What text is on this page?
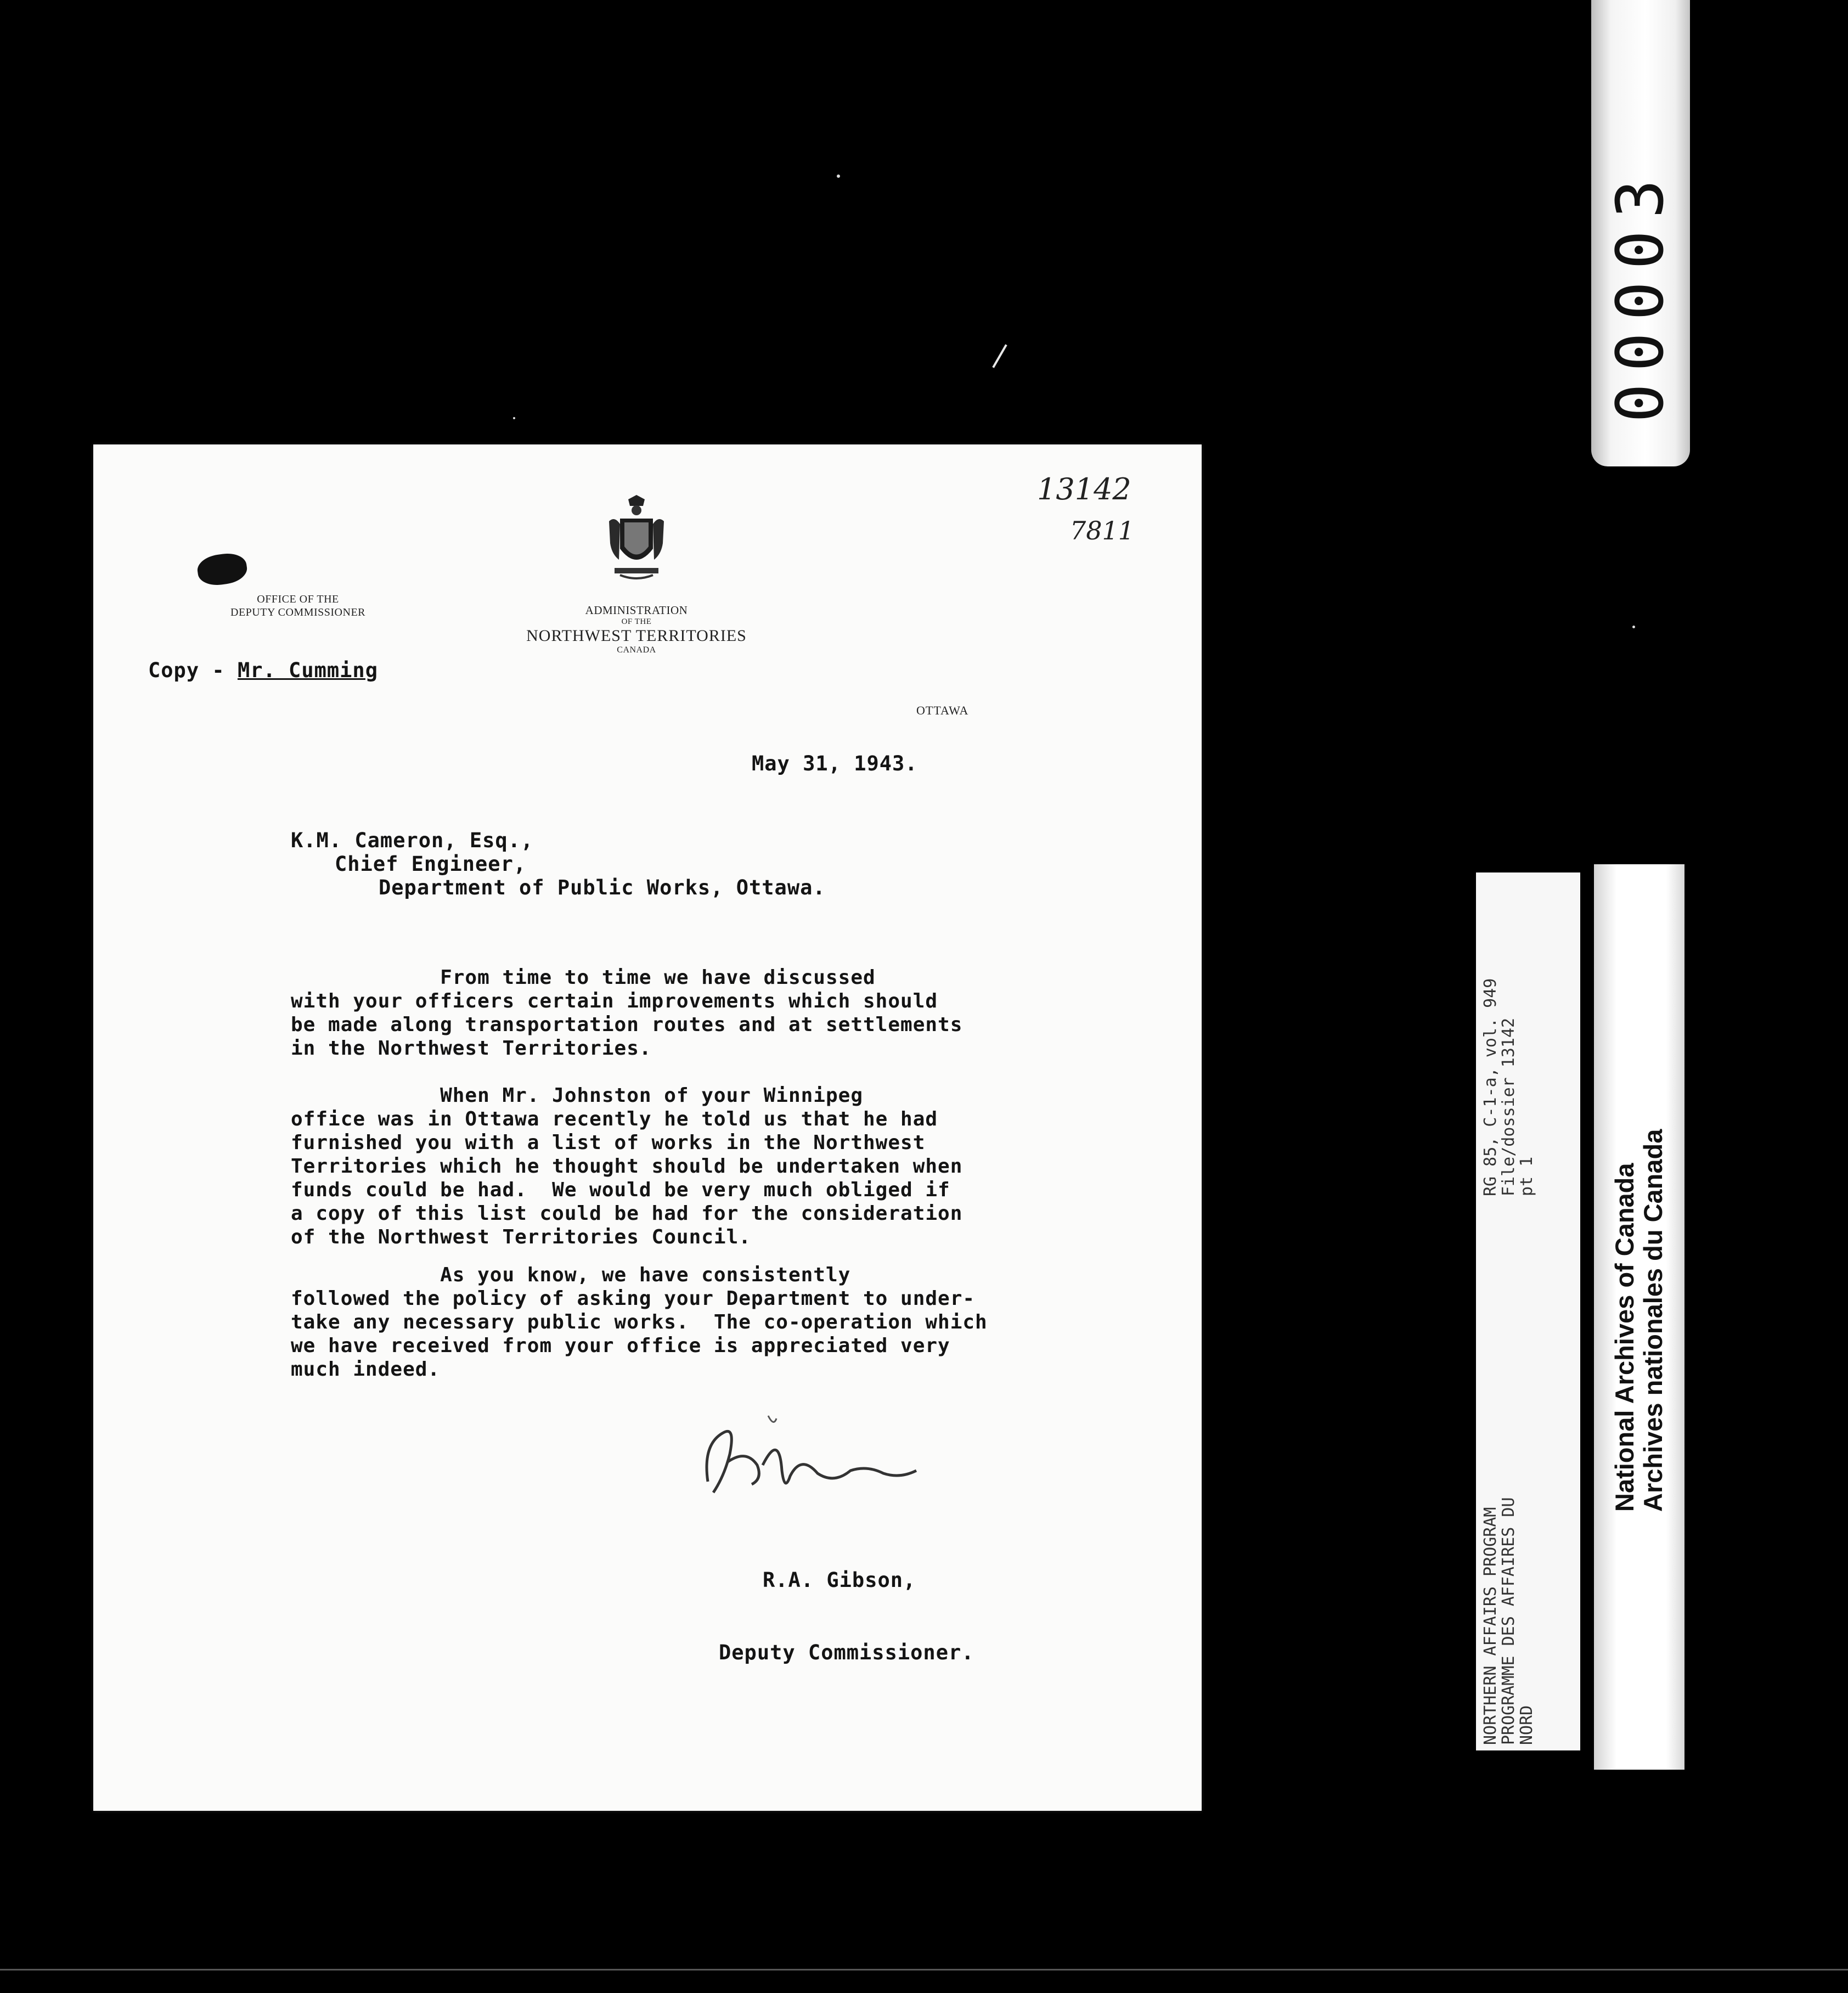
13142
7811
OFFICE OF THE
DEPUTY COMMISSIONER	ADMINISTRATION
OF THE
NORTHWEST TERRITORIES
CANADA
OTTAWA
Copy - Mr. Cumming
May 31, 1943.
K.M. Cameron, Esq.,
Chief Engineer,
Department of Public Works, Ottawa.
From time to time we have discussed
with your officers certain improvements which should
be made along transportation routes and at settlements
in the Northwest Territories.
When Mr. Johnston of your Winnipeg
office was in Ottawa recently he told us that he had
furnished you with a list of works in the Northwest
Territories which he thought should be undertaken when
funds could be had.  We would be very much obliged if
a copy of this list could be had for the consideration
of the Northwest Territories Council.
As you know, we have consistently
followed the policy of asking your Department to under-
take any necessary public works.  The co-operation which
we have received from your office is appreciated very
much indeed.

R.A. Gibson,

Deputy Commissioner.

00003
NORTHERN AFFAIRS PROGRAM
PROGRAMME DES AFFAIRES DU
NORD
RG 85, C-1-a, vol. 949
File/dossier 13142
pt 1
National Archives of Canada Archives nationales du Canada
